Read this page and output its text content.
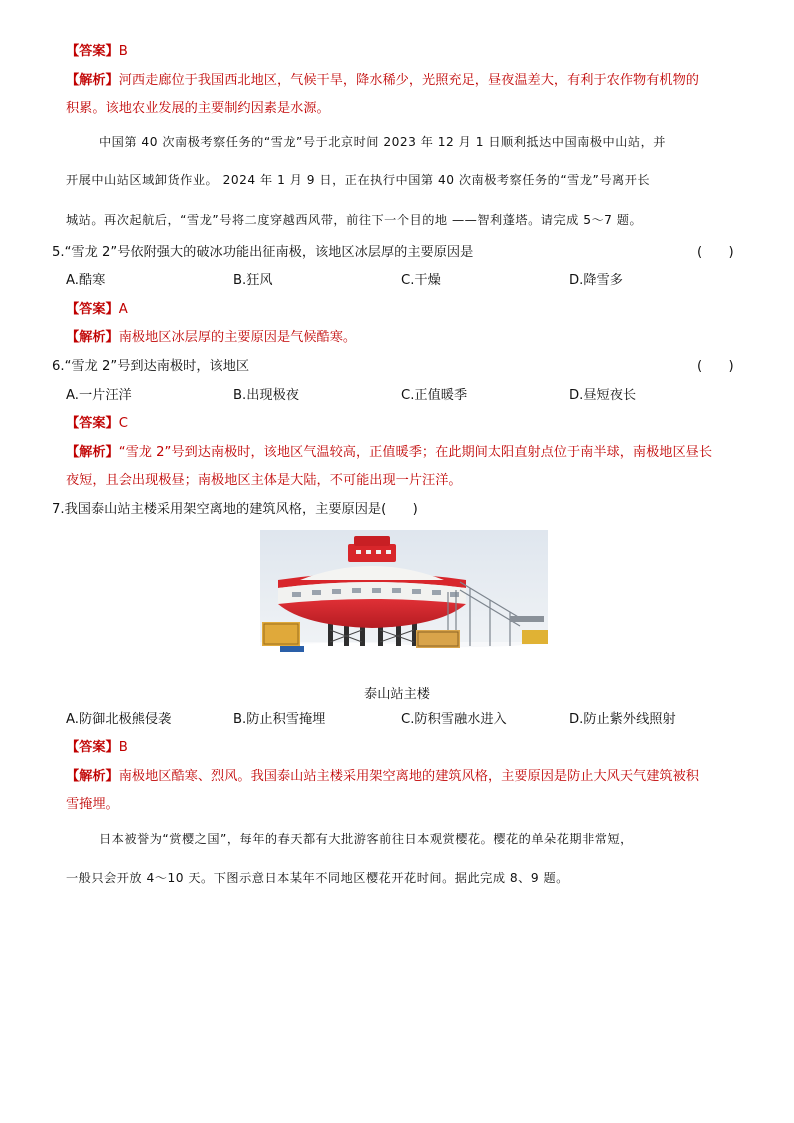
【答案】B
【解析】河西走廊位于我国西北地区，气候干旱，降水稀少，光照充足，昼夜温差大，有利于农作物有机物的
积累。该地农业发展的主要制约因素是水源。
中国第 40 次南极考察任务的“雪龙”号于北京时间 2023 年 12 月 1 日顺利抵达中国南极中山站，并
开展中山站区域卸货作业。 2024 年 1 月 9 日，正在执行中国第 40 次南极考察任务的“雪龙”号离开长
城站。再次起航后，“雪龙”号将二度穿越西风带，前往下一个目的地 ——智利蓬塔。请完成 5～7 题。
5.“雪龙 2”号依附强大的破冰功能出征南极，该地区冰层厚的主要原因是	(　　)
A.酷寒	B.狂风	C.干燥	D.降雪多
【答案】A
【解析】南极地区冰层厚的主要原因是气候酷寒。
6.“雪龙 2”号到达南极时，该地区	(　　)
A.一片汪洋	B.出现极夜	C.正值暖季	D.昼短夜长
【答案】C
【解析】“雪龙 2”号到达南极时，该地区气温较高，正值暖季；在此期间太阳直射点位于南半球，南极地区昼长
夜短，且会出现极昼；南极地区主体是大陆，不可能出现一片汪洋。
7.我国泰山站主楼采用架空离地的建筑风格，主要原因是(　　)
泰山站主楼
A.防御北极熊侵袭	B.防止积雪掩埋	C.防积雪融水进入	D.防止紫外线照射
【答案】B
【解析】南极地区酷寒、烈风。我国泰山站主楼采用架空离地的建筑风格，主要原因是防止大风天气建筑被积
雪掩埋。
日本被誉为“赏樱之国”，每年的春天都有大批游客前往日本观赏樱花。樱花的单朵花期非常短，
一般只会开放 4～10 天。下图示意日本某年不同地区樱花开花时间。据此完成 8、9 题。
